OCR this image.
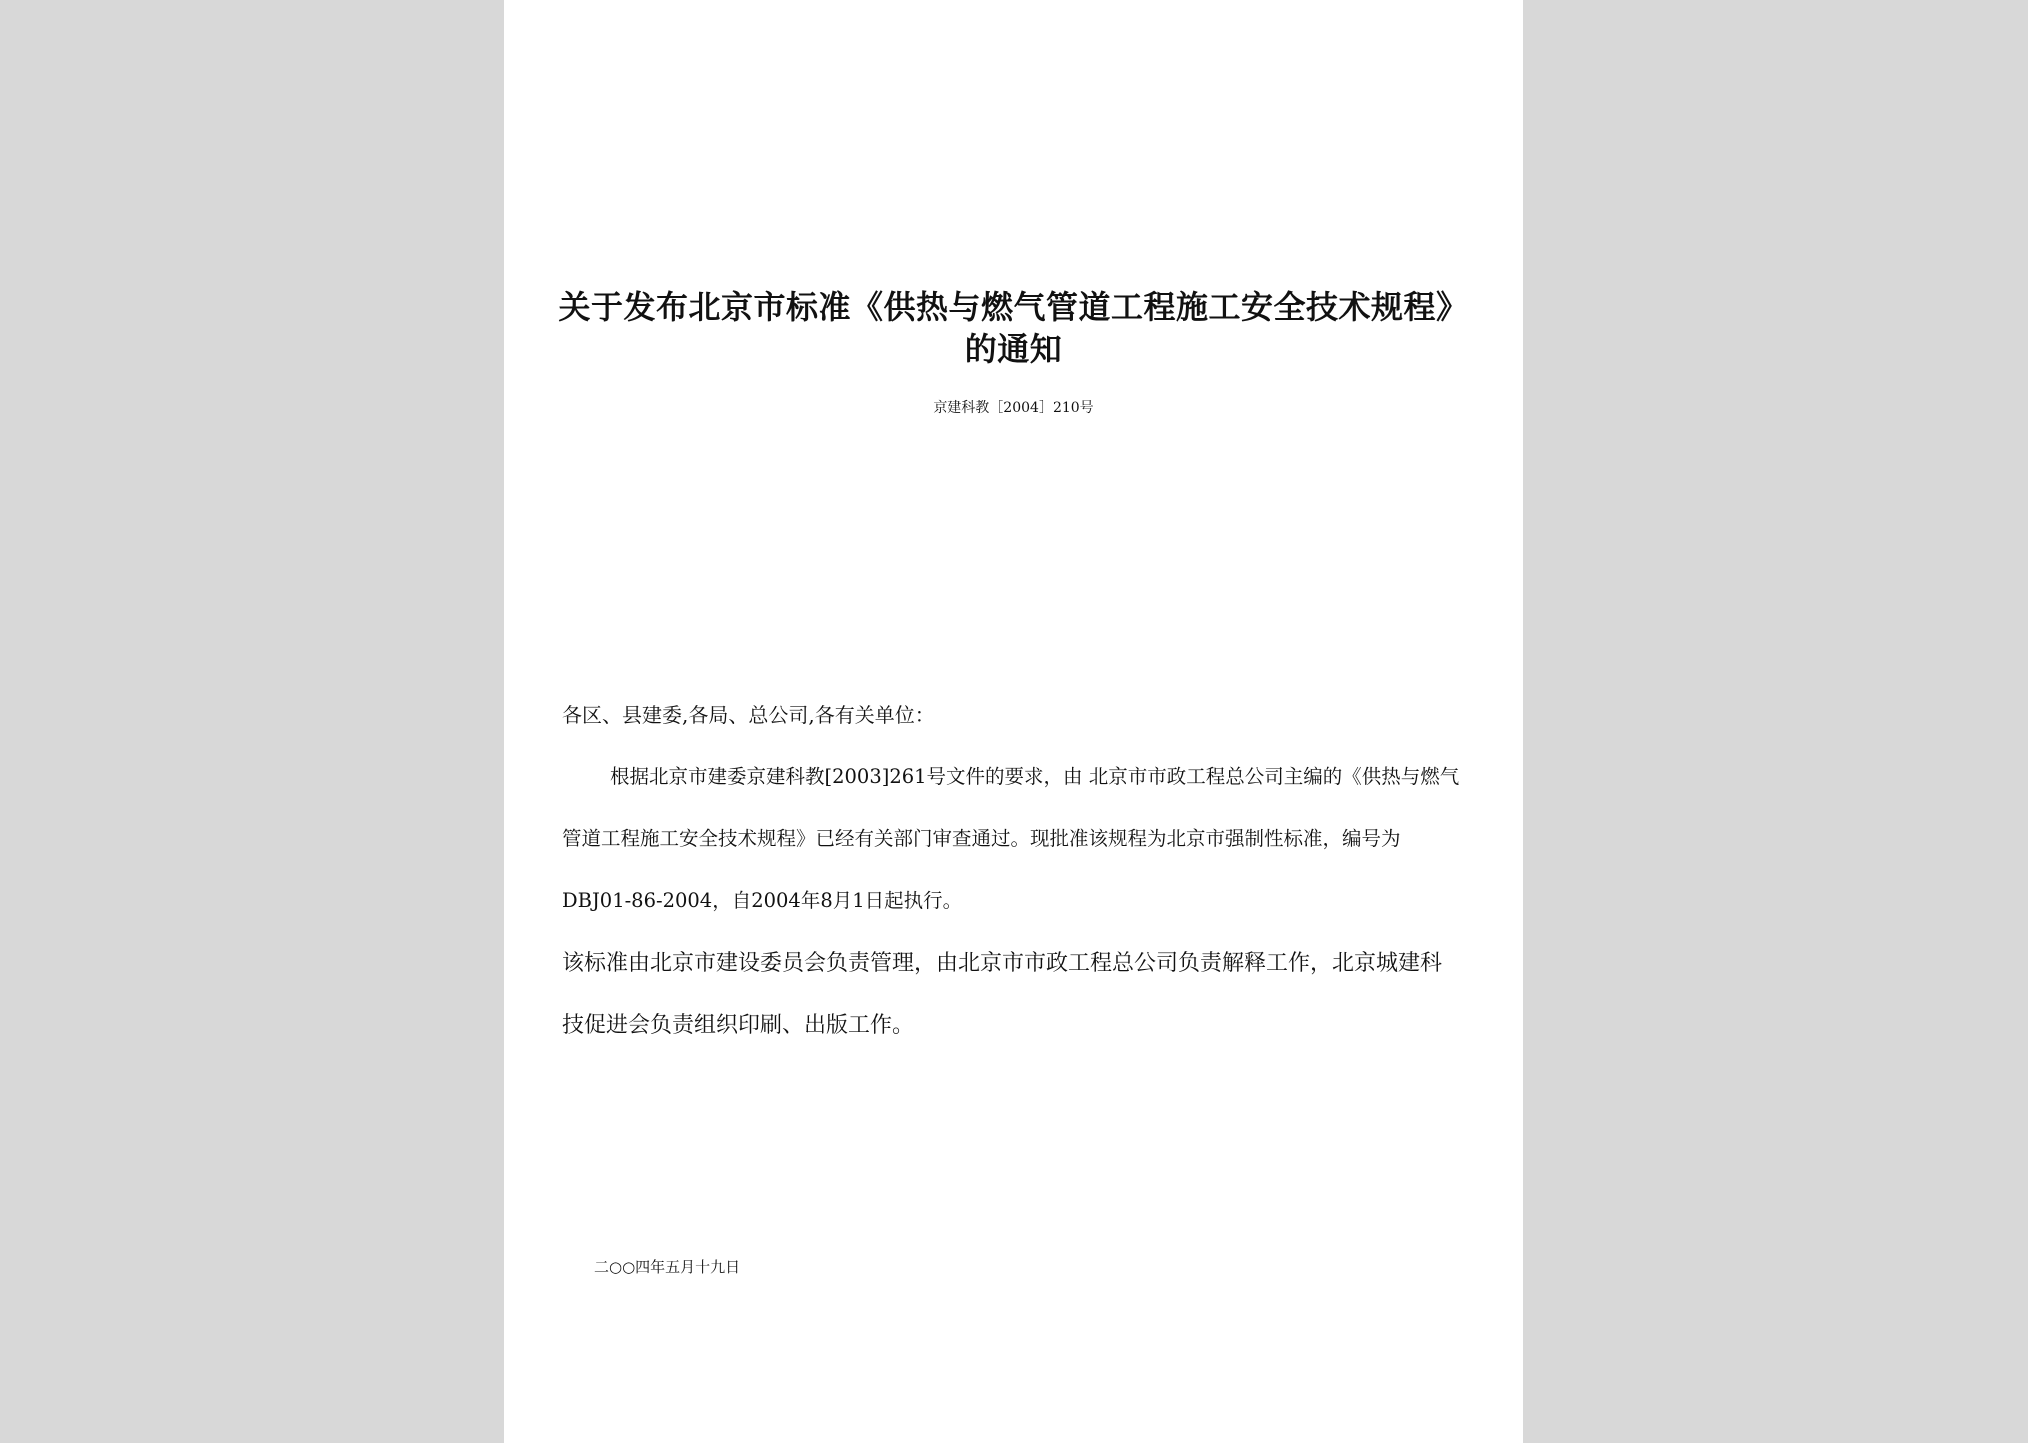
关于发布北京市标准《供热与燃气管道工程施工安全技术规程》的通知
京建科教［2004］210号
各区、县建委,各局、总公司,各有关单位：
根据北京市建委京建科教[2003]261号文件的要求，由 北京市市政工程总公司主编的《供热与燃气管道工程施工安全技术规程》已经有关部门审查通过。现批准该规程为北京市强制性标准，编号为DBJ01-86-2004，自2004年8月1日起执行。
该标准由北京市建设委员会负责管理，由北京市市政工程总公司负责解释工作，北京城建科技促进会负责组织印刷、出版工作。
二○○四年五月十九日
